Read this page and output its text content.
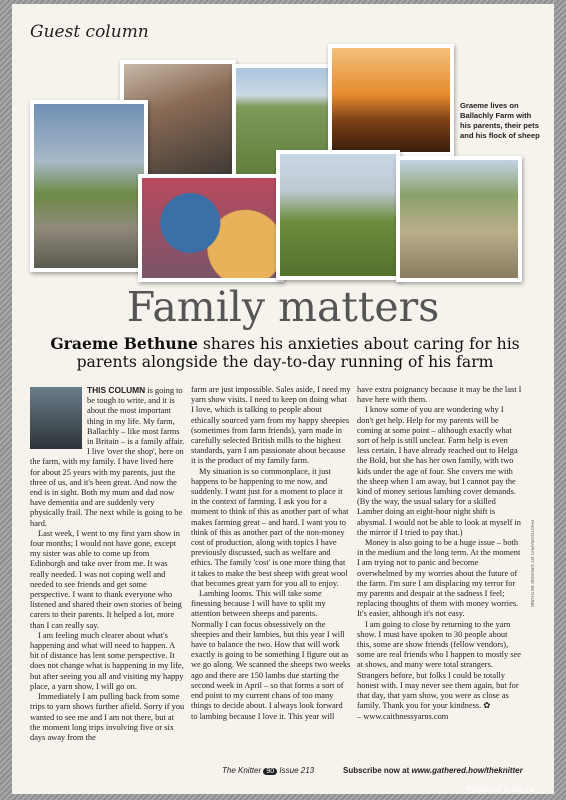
Guest column
Graeme lives on Ballachly Farm with his parents, their pets and his flock of sheep
Family matters
Graeme Bethune shares his anxieties about caring for his parents alongside the day-to-day running of his farm

THIS COLUMN is going to be tough to write, and it is about the most important thing in my life. My farm, Ballachly – like most farms in Britain – is a family affair. I live 'over the shop', here on the farm, with my family. I have lived here for about 25 years with my parents, just the three of us, and it's been great. And now the end is in sight. Both my mum and dad now have dementia and are suddenly very physically frail. The next while is going to be hard.

Last week, I went to my first yarn show in four months; I would not have gone, except my sister was able to come up from Edinburgh and take over from me. It was really needed. I was not coping well and needed to see friends and get some perspective. I want to thank everyone who listened and shared their own stories of being carers to their parents. It helped a lot, more than I can really say.

I am feeling much clearer about what's happening and what will need to happen. A bit of distance has lent some perspective. It does not change what is happening in my life, but after seeing you all and visiting my happy place, a yarn show, I will go on.

Immediately I am pulling back from some trips to yarn shows further afield. Sorry if you wanted to see me and I am not there, but at the moment long trips involving five or six days away from the

farm are just impossible. Sales aside, I need my yarn show visits. I need to keep on doing what I love, which is talking to people about ethically sourced yarn from my happy sheepies (sometimes from farm friends), yarn made in carefully selected British mills to the highest standards, yarn I am passionate about because it is the product of my family farm.

My situation is so commonplace, it just happens to be happening to me now, and suddenly. I want just for a moment to place it in the context of farming. I ask you for a moment to think of this as another part of what makes farming great – and hard. I want you to think of this as another part of the non-money cost of production, along with topics I have previously discussed, such as welfare and ethics. The family 'cost' is one more thing that it takes to make the best sheep with great wool that becomes great yarn for you all to enjoy.

Lambing looms. This will take some finessing because I will have to split my attention between sheeps and parents. Normally I can focus obsessively on the sheepies and their lambies, but this year I will have to balance the two. How that will work exactly is going to be something I figure out as we go along. We scanned the sheeps two weeks ago and there are 150 lambs due starting the second week in April – so that forms a sort of end point to my current chaos of too many things to decide about. I always look forward to lambing because I love it. This year will

have extra poignancy because it may be the last I have here with them.

I know some of you are wondering why I don't get help. Help for my parents will be coming at some point – although exactly what sort of help is still unclear. Farm help is even less certain. I have already reached out to Helga the Bold, but she has her own family, with two kids under the age of four. She covers me with the sheep when I am away, but I cannot pay the kind of money serious lambing cover demands. (By the way, the usual salary for a skilled Lamber doing an eight-hour night shift is abysmal. I would not be able to look at myself in the mirror if I tried to pay that.)

Money is also going to be a huge issue – both in the medium and the long term. At the moment I am trying not to panic and become overwhelmed by my worries about the future of the farm. I'm sure I am displacing my terror for my parents and despair at the sadness I feel; replacing thoughts of them with money worries. It's easier, although it's not easy.

I am going to close by returning to the yarn show. I must have spoken to 30 people about this, some are show friends (fellow vendors), some are real friends who I happen to mostly see at shows, and many were total strangers. Strangers before, but folks I could be totally honest with. I may never see them again, but for that day, that yarn show, you were as close as family. Thank you for your kindness. ✿

– www.caithnessyarns.com

PHOTOGRAPHY BY GRAEME BETHUNE
The Knitter 90 Issue 213	Subscribe now at www.gathered.how/theknitter
PassionForum.ru
